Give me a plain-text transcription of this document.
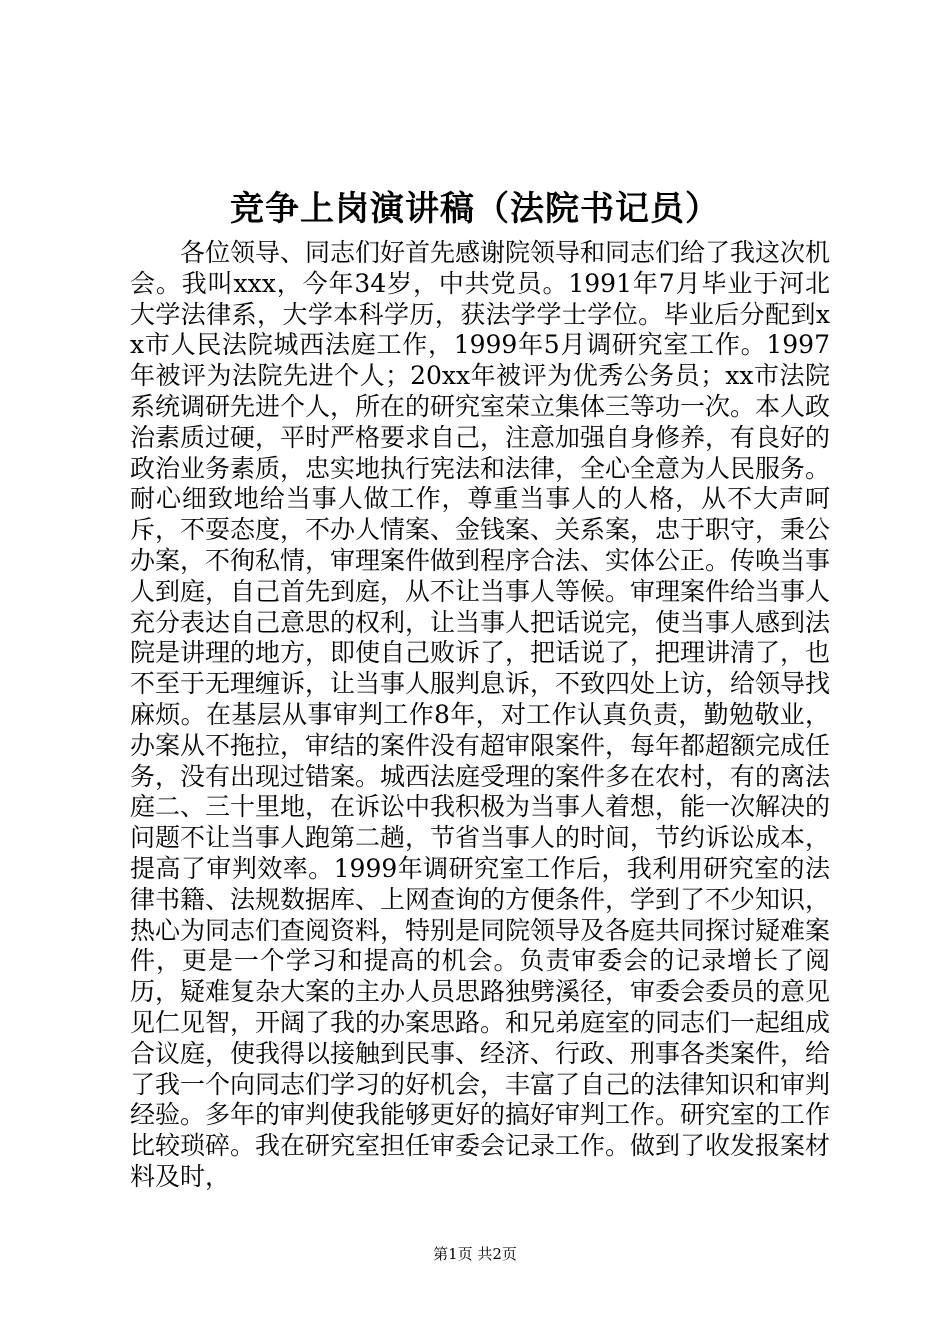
竞争上岗演讲稿（法院书记员）

各位领导、同志们好首先感谢院领导和同志们给了我这次机会。我叫xxx，今年34岁，中共党员。1991年7月毕业于河北大学法律系，大学本科学历，获法学学士学位。毕业后分配到xx市人民法院城西法庭工作，1999年5月调研究室工作。1997年被评为法院先进个人；20xx年被评为优秀公务员；xx市法院系统调研先进个人，所在的研究室荣立集体三等功一次。本人政治素质过硬，平时严格要求自己，注意加强自身修养，有良好的政治业务素质，忠实地执行宪法和法律，全心全意为人民服务。耐心细致地给当事人做工作，尊重当事人的人格，从不大声呵斥，不耍态度，不办人情案、金钱案、关系案，忠于职守，秉公办案，不徇私情，审理案件做到程序合法、实体公正。传唤当事人到庭，自己首先到庭，从不让当事人等候。审理案件给当事人充分表达自己意思的权利，让当事人把话说完，使当事人感到法院是讲理的地方，即使自己败诉了，把话说了，把理讲清了，也不至于无理缠诉，让当事人服判息诉，不致四处上访，给领导找麻烦。在基层从事审判工作8年，对工作认真负责，勤勉敬业，办案从不拖拉，审结的案件没有超审限案件，每年都超额完成任务，没有出现过错案。城西法庭受理的案件多在农村，有的离法庭二、三十里地，在诉讼中我积极为当事人着想，能一次解决的问题不让当事人跑第二趟，节省当事人的时间，节约诉讼成本，提高了审判效率。1999年调研究室工作后，我利用研究室的法律书籍、法规数据库、上网查询的方便条件，学到了不少知识，热心为同志们查阅资料，特别是同院领导及各庭共同探讨疑难案件，更是一个学习和提高的机会。负责审委会的记录增长了阅历，疑难复杂大案的主办人员思路独劈溪径，审委会委员的意见见仁见智，开阔了我的办案思路。和兄弟庭室的同志们一起组成合议庭，使我得以接触到民事、经济、行政、刑事各类案件，给了我一个向同志们学习的好机会，丰富了自己的法律知识和审判经验。多年的审判使我能够更好的搞好审判工作。研究室的工作比较琐碎。我在研究室担任审委会记录工作。做到了收发报案材料及时，

第1页 共2页
